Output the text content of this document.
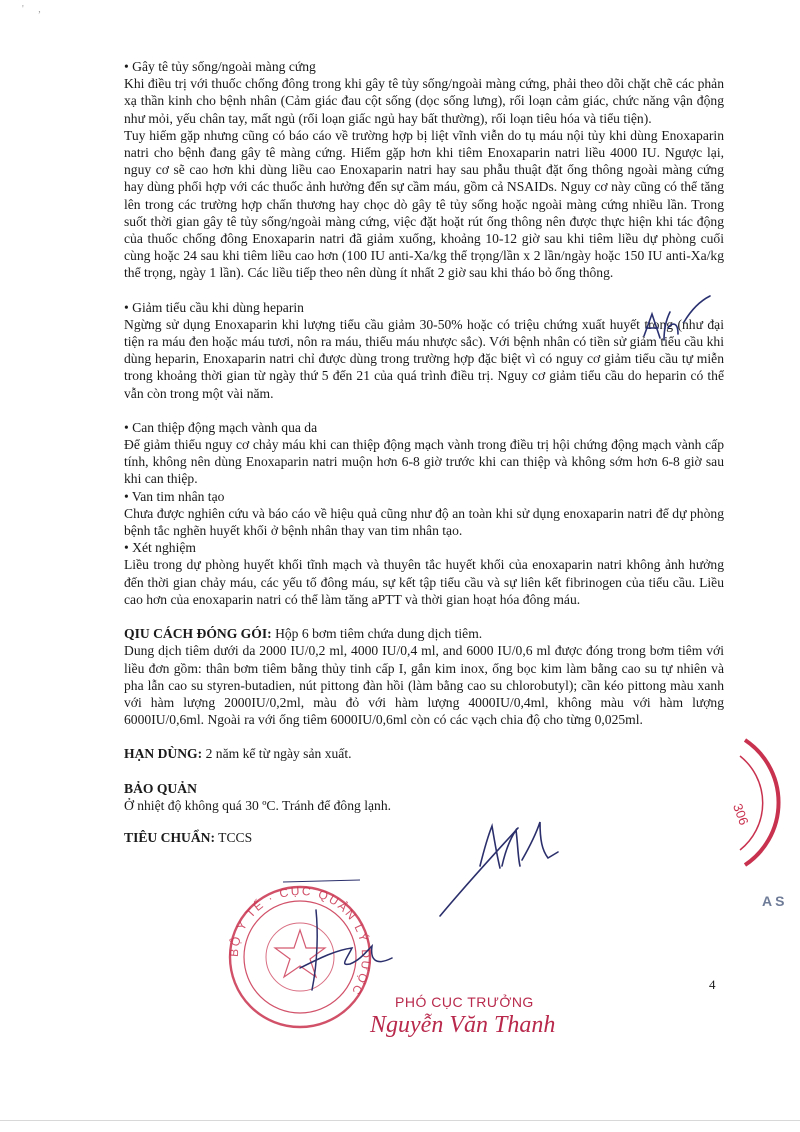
' ,

• Gây tê tủy sống/ngoài màng cứng

Khi điều trị với thuốc chống đông trong khi gây tê tủy sống/ngoài màng cứng, phải theo dõi chặt chẽ các phản xạ thần kinh cho bệnh nhân (Cảm giác đau cột sống (dọc sống lưng), rối loạn cảm giác, chức năng vận động như mỏi, yếu chân tay, mất ngủ (rối loạn giấc ngủ hay bất thường), rối loạn tiêu hóa và tiểu tiện).

Tuy hiếm gặp nhưng cũng có báo cáo về trường hợp bị liệt vĩnh viễn do tụ máu nội tủy khi dùng Enoxaparin natri cho bệnh đang gây tê màng cứng. Hiếm gặp hơn khi tiêm Enoxaparin natri liều 4000 IU. Ngược lại, nguy cơ sẽ cao hơn khi dùng liều cao Enoxaparin natri hay sau phẫu thuật đặt ống thông ngoài màng cứng hay dùng phối hợp với các thuốc ảnh hưởng đến sự cầm máu, gồm cả NSAIDs. Nguy cơ này cũng có thể tăng lên trong các trường hợp chấn thương hay chọc dò gây tê tủy sống hoặc ngoài màng cứng nhiều lần. Trong suốt thời gian gây tê tủy sống/ngoài màng cứng, việc đặt hoặt rút ống thông nên được thực hiện khi tác động của thuốc chống đông Enoxaparin natri đã giảm xuống, khoảng 10-12 giờ sau khi tiêm liều dự phòng cuối cùng hoặc 24 sau khi tiêm liều cao hơn (100 IU anti-Xa/kg thể trọng/lần x 2 lần/ngày hoặc 150 IU anti-Xa/kg thể trọng, ngày 1 lần). Các liều tiếp theo nên dùng ít nhất 2 giờ sau khi tháo bỏ ống thông.

• Giảm tiểu cầu khi dùng heparin

Ngừng sử dụng Enoxaparin khi lượng tiểu cầu giảm 30-50% hoặc có triệu chứng xuất huyết trong (như đại tiện ra máu đen hoặc máu tươi, nôn ra máu, thiếu máu nhược sắc). Với bệnh nhân có tiền sử giảm tiểu cầu khi dùng heparin, Enoxaparin natri chỉ được dùng trong trường hợp đặc biệt vì có nguy cơ giảm tiểu cầu tự miễn trong khoảng thời gian từ ngày thứ 5 đến 21 của quá trình điều trị. Nguy cơ giảm tiểu cầu do heparin có thể vẫn còn trong một vài năm.

• Can thiệp động mạch vành qua da

Để giảm thiểu nguy cơ chảy máu khi can thiệp động mạch vành trong điều trị hội chứng động mạch vành cấp tính, không nên dùng Enoxaparin natri muộn hơn 6-8 giờ trước khi can thiệp và không sớm hơn 6-8 giờ sau khi can thiệp.

• Van tim nhân tạo

Chưa được nghiên cứu và báo cáo về hiệu quả cũng như độ an toàn khi sử dụng enoxaparin natri để dự phòng bệnh tắc nghẽn huyết khối ở bệnh nhân thay van tim nhân tạo.

• Xét nghiệm

Liều trong dự phòng huyết khối tĩnh mạch và thuyên tắc huyết khối của enoxaparin natri không ảnh hưởng đến thời gian chảy máu, các yếu tố đông máu, sự kết tập tiểu cầu và sự liên kết fibrinogen của tiểu cầu. Liều cao hơn của enoxaparin natri có thể làm tăng aPTT và thời gian hoạt hóa đông máu.

QIU CÁCH ĐÓNG GÓI: Hộp 6 bơm tiêm chứa dung dịch tiêm.

Dung dịch tiêm dưới da 2000 IU/0,2 ml, 4000 IU/0,4 ml, and 6000 IU/0,6 ml được đóng trong bơm tiêm với liều đơn gồm: thân bơm tiêm bằng thủy tinh cấp I, gắn kim inox, ống bọc kim làm bằng cao su tự nhiên và pha lẫn cao su styren-butadien, nút pittong đàn hồi (làm bằng cao su chlorobutyl); cần kéo pittong màu xanh với hàm lượng 2000IU/0,2ml, màu đỏ với hàm lượng 4000IU/0,4ml, không màu với hàm lượng 6000IU/0,6ml. Ngoài ra với ống tiêm 6000IU/0,6ml còn có các vạch chia độ cho từng 0,025ml.

HẠN DÙNG: 2 năm kể từ ngày sản xuất.

BẢO QUẢN

Ở nhiệt độ không quá 30 ºC. Tránh để đông lạnh.

TIÊU CHUẨN: TCCS

306
BỘ Y TẾ · CỤC QUẢN LÝ DƯỢC
AS
PHÓ CỤC TRƯỞNG
Nguyễn Văn Thanh
4
